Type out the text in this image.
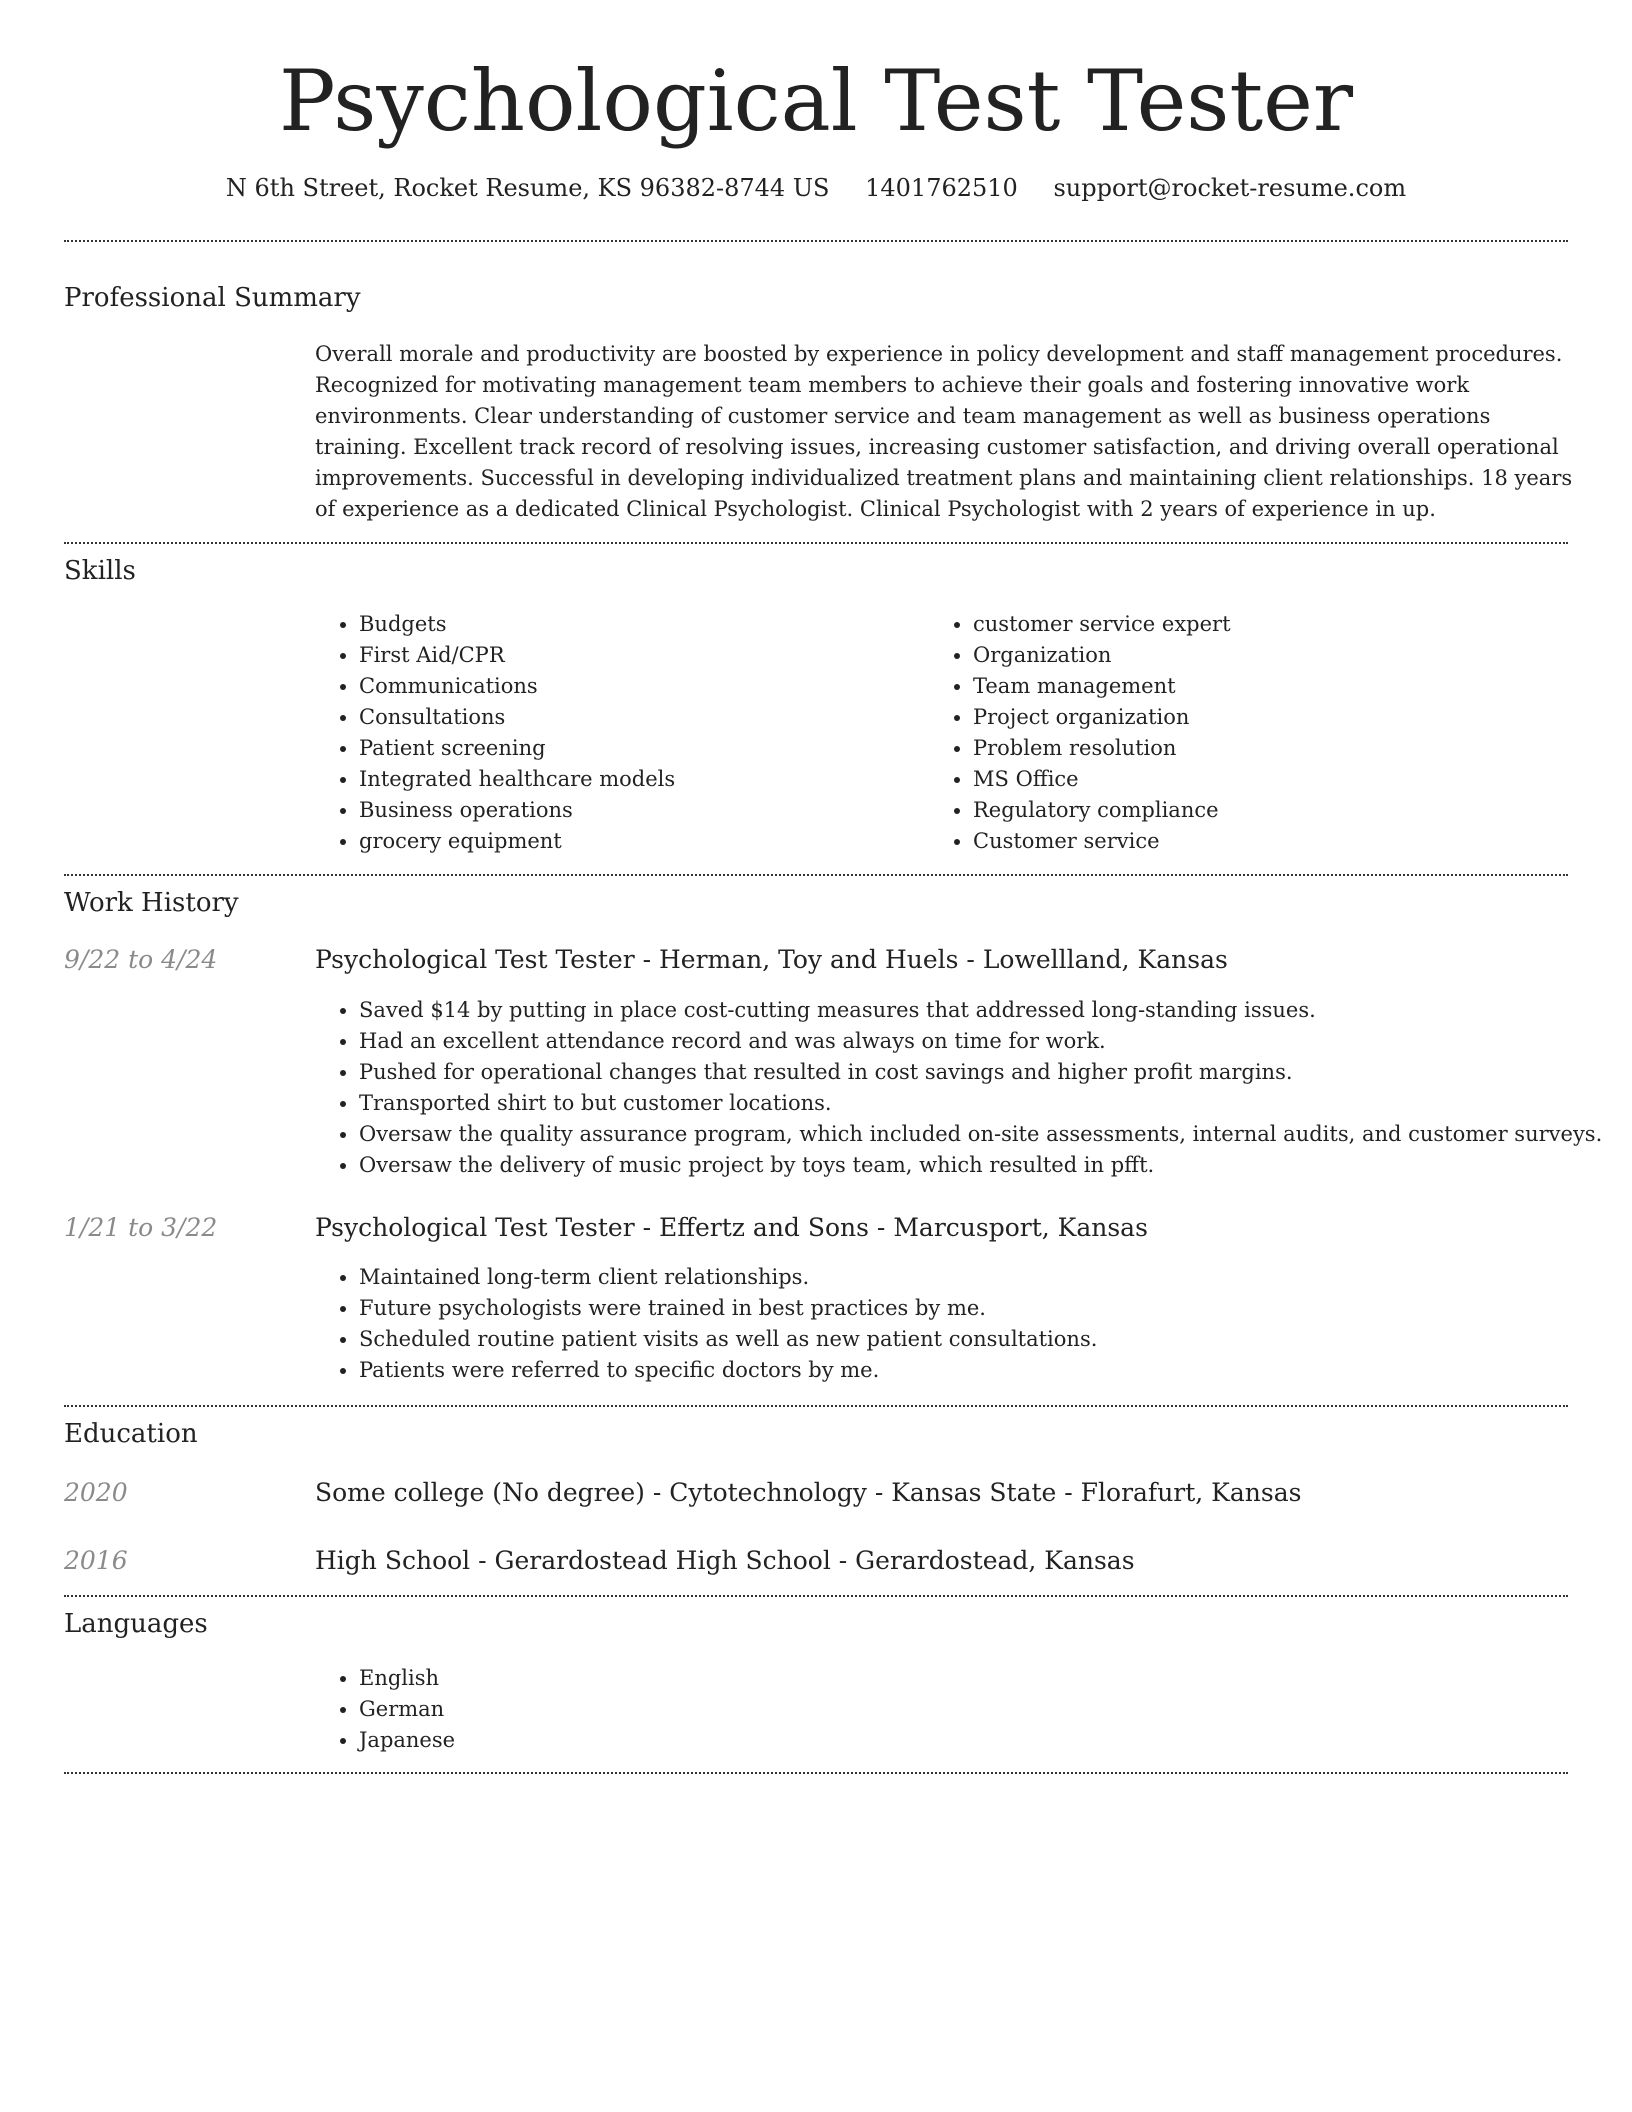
Psychological Test Tester
N 6th Street, Rocket Resume, KS 96382-8744 US 1401762510 support@rocket-resume.com
Professional Summary

Overall morale and productivity are boosted by experience in policy development and staff management procedures. Recognized for motivating management team members to achieve their goals and fostering innovative work environments. Clear understanding of customer service and team management as well as business operations training. Excellent track record of resolving issues, increasing customer satisfaction, and driving overall operational improvements. Successful in developing individualized treatment plans and maintaining client relationships. 18 years of experience as a dedicated Clinical Psychologist. Clinical Psychologist with 2 years of experience in up.

Skills
• Budgets
• First Aid/CPR
• Communications
• Consultations
• Patient screening
• Integrated healthcare models
• Business operations
• grocery equipment
• customer service expert
• Organization
• Team management
• Project organization
• Problem resolution
• MS Office
• Regulatory compliance
• Customer service
Work History
9/22 to 4/24	Psychological Test Tester - Herman, Toy and Huels - Lowellland, Kansas
• Saved $14 by putting in place cost-cutting measures that addressed long-standing issues.
• Had an excellent attendance record and was always on time for work.
• Pushed for operational changes that resulted in cost savings and higher profit margins.
• Transported shirt to but customer locations.
• Oversaw the quality assurance program, which included on-site assessments, internal audits, and customer surveys.
• Oversaw the delivery of music project by toys team, which resulted in pfft.
1/21 to 3/22	Psychological Test Tester - Effertz and Sons - Marcusport, Kansas
• Maintained long-term client relationships.
• Future psychologists were trained in best practices by me.
• Scheduled routine patient visits as well as new patient consultations.
• Patients were referred to specific doctors by me.
Education
2020	Some college (No degree) - Cytotechnology - Kansas State - Florafurt, Kansas
2016	High School - Gerardostead High School - Gerardostead, Kansas
Languages
• English
• German
• Japanese
